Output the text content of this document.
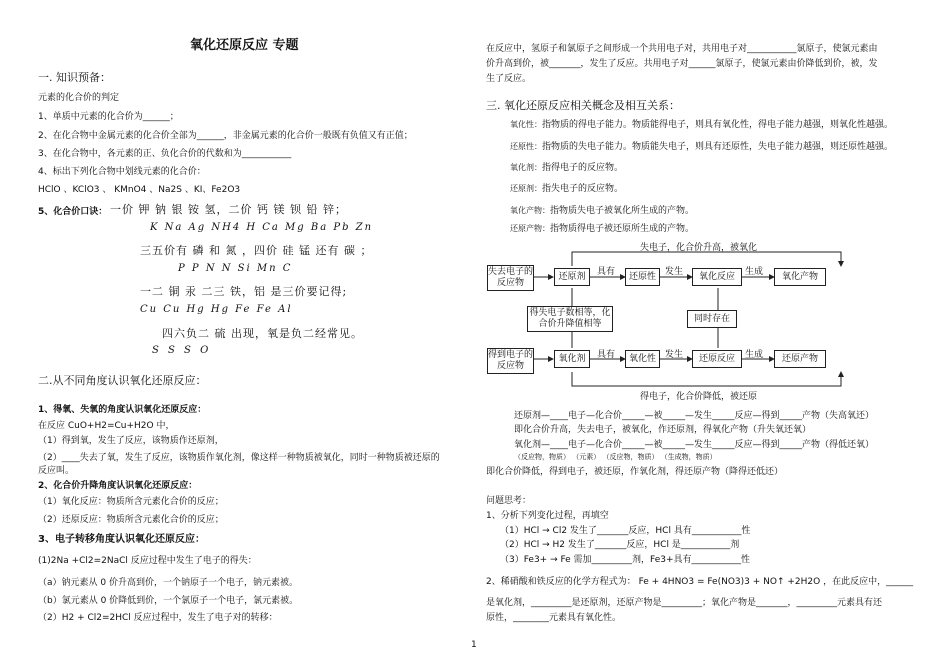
氧化还原反应 专题
一. 知识预备：
元素的化合价的判定
1、单质中元素的化合价为______；
2、在化合物中金属元素的化合价全部为______，非金属元素的化合价一般既有负值又有正值；
3、在化合物中，各元素的正、负化合价的代数和为___________
4、标出下列化合物中划线元素的化合价：
HClO 、KClO3 、 KMnO4 、Na2S 、KI、Fe2O3
5、化合价口诀： 一价 钾 钠 银 铵 氢，二价 钙 镁 钡 铅 锌；
K Na Ag NH4 H Ca Mg Ba Pb Zn
三五价有 磷 和 氮 ，四价 硅 锰 还有 碳 ；
P P N N Si Mn C
一二 铜 汞 二三 铁，铝 是三价要记得;
Cu Cu Hg Hg Fe Fe Al
四六负二 硫 出现，氧是负二经常见。
S S S O
二.从不同角度认识氧化还原反应：
1、得氧、失氧的角度认识氧化还原反应：
在反应 CuO+H2=Cu+H2O 中，
（1）得到氧，发生了反应，该物质作还原剂，
（2）____失去了氧，发生了反应，该物质作氧化剂，像这样一种物质被氧化，同时一种物质被还原的
反应叫。
2、化合价升降角度认识氧化还原反应：
（1）氧化反应：物质所含元素化合价的反应；
（2）还原反应：物质所含元素化合价的反应；
3、电子转移角度认识氧化还原反应：
(1)2Na +Cl2=2NaCl 反应过程中发生了电子的得失：
（a）钠元素从 0 价升高到价，一个钠原子一个电子，钠元素被。
（b）氯元素从 0 价降低到价，一个氯原子一个电子，氯元素被。
（2）H2 + Cl2=2HCl 反应过程中，发生了电子对的转移：
在反应中，氢原子和氯原子之间形成一个共用电子对，共用电子对___________氯原子，使氯元素由
价升高到价，被_______，发生了反应。共用电子对______氯原子，使氯元素由价降低到价，被，发
生了反应。
三. 氧化还原反应相关概念及相互关系：
氧化性：指物质的得电子能力。物质能得电子，则具有氧化性，得电子能力越强，则氧化性越强。
还原性：指物质的失电子能力。物质能失电子，则具有还原性，失电子能力越强，则还原性越强。
氧化剂：指得电子的反应物。
还原剂：指失电子的反应物。
氧化产物：指物质失电子被氧化所生成的产物。
还原产物：指物质得电子被还原所生成的产物。
失电子，化合价升高，被氧化
失去电子的反应物
还原剂	具有	还原性	发生	氧化反应	生成	氧化产物
得失电子数相等，化合价升降值相等
同时存在
得到电子的反应物
氧化剂	具有	氧化性	发生	还原反应	生成	还原产物
得电子，化合价降低，被还原
还原剂—____电子—化合价_____—被_____—发生_____反应—得到_____产物（失高氧还）
即化合价升高，失去电子，被氧化，作还原剂，得氧化产物（升失氧还氧）
氧化剂—____电子—化合价_____—被_____—发生_____反应—得到_____产物（得低还氧）
（反应物，物质） （元素） （反应物，物质） （生成物，物质）
即化合价降低，得到电子，被还原，作氧化剂，得还原产物（降得还低还）
问题思考：
1、分析下列变化过程，再填空
（1）HCl → Cl2 发生了_______反应，HCl 具有___________性
（2）HCl → H2 发生了_______反应，HCl 是___________剂
（3）Fe3+ → Fe 需加_________剂，Fe3+具有___________性
2、稀硝酸和铁反应的化学方程式为： Fe + 4HNO3 = Fe(NO3)3 + NO↑ +2H2O ，在此反应中，______
是氧化剂，_________是还原剂，还原产物是_________；氧化产物是_______，_________元素具有还
原性，________元素具有氧化性。
1
